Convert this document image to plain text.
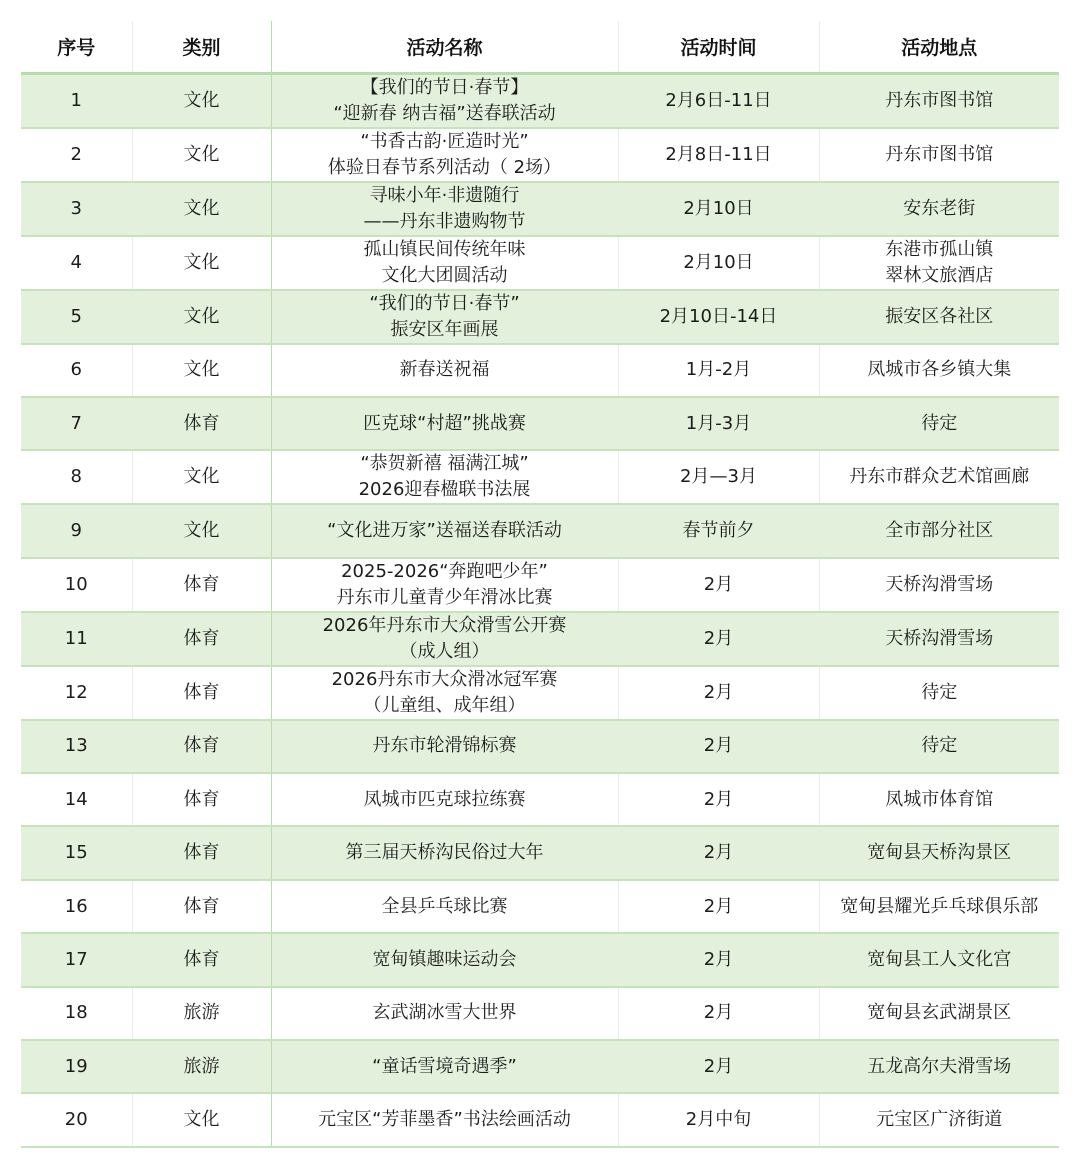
序号	类别	活动名称	活动时间	活动地点
1	文化	【我们的节日·春节】
“迎新春 纳吉福”送春联活动	2月6日-11日	丹东市图书馆

2	文化	“书香古韵·匠造时光”
体验日春节系列活动（ 2场）	2月8日-11日	丹东市图书馆

3	文化	寻味小年·非遗随行
——丹东非遗购物节	2月10日	安东老街

4	文化	孤山镇民间传统年味
文化大团圆活动	2月10日	东港市孤山镇
翠林文旅酒店

5	文化	“我们的节日·春节”
振安区年画展	2月10日-14日	振安区各社区

6	文化	新春送祝福	1月-2月	凤城市各乡镇大集

7	体育	匹克球“村超”挑战赛	1月-3月	待定

8	文化	“恭贺新禧 福满江城”
2026迎春楹联书法展	2月—3月	丹东市群众艺术馆画廊

9	文化	“文化进万家”送福送春联活动	春节前夕	全市部分社区

10	体育	2025-2026“奔跑吧少年”
丹东市儿童青少年滑冰比赛	2月	天桥沟滑雪场

11	体育	2026年丹东市大众滑雪公开赛
（成人组）	2月	天桥沟滑雪场

12	体育	2026丹东市大众滑冰冠军赛
（儿童组、成年组）	2月	待定

13	体育	丹东市轮滑锦标赛	2月	待定

14	体育	凤城市匹克球拉练赛	2月	凤城市体育馆

15	体育	第三届天桥沟民俗过大年	2月	宽甸县天桥沟景区

16	体育	全县乒乓球比赛	2月	宽甸县耀光乒乓球俱乐部

17	体育	宽甸镇趣味运动会	2月	宽甸县工人文化宫

18	旅游	玄武湖冰雪大世界	2月	宽甸县玄武湖景区

19	旅游	“童话雪境奇遇季”	2月	五龙高尔夫滑雪场

20	文化	元宝区“芳菲墨香”书法绘画活动	2月中旬	元宝区广济街道
